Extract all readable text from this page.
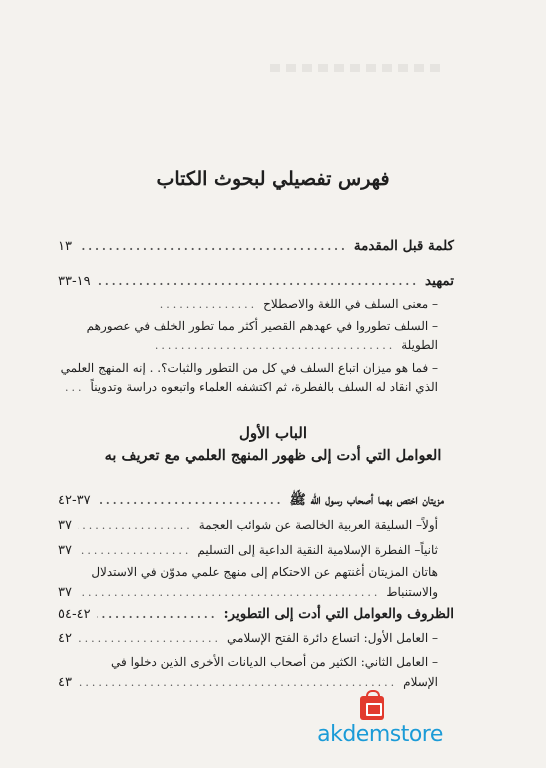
فهرس تفصيلي لبحوث الكتاب
كلمة قبل المقدمة
.....
١٣
تمهيد
.....
١٩-٣٣
– معنى السلف في اللغة والاصطلاح
.....
– السلف تطوروا في عهدهم القصير أكثر مما تطور الخلف في عصورهم
الطويلة
.....
– فما هو ميزان اتباع السلف في كل من التطور والثبات؟. . إنه المنهج العلمي
الذي انقاد له السلف بالفطرة، ثم اكتشفه العلماء واتبعوه دراسة وتدويناً
.....
الباب الأول
العوامل التي أدت إلى ظهور المنهج العلمي مع تعريف به
مزيتان اختص بهما أصحاب رسول الله ﷺ
.....
٣٧-٤٢
أولاً– السليقة العربية الخالصة عن شوائب العجمة
.....
٣٧
ثانياً– الفطرة الإسلامية النقية الداعية إلى التسليم
.....
٣٧
هاتان المزيتان أغنتهم عن الاحتكام إلى منهج علمي مدوّن في الاستدلال
والاستنباط
.....
٣٧
الظروف والعوامل التي أدت إلى التطوير:
.....
٤٢-٥٤
– العامل الأول: اتساع دائرة الفتح الإسلامي
.....
٤٢
– العامل الثاني: الكثير من أصحاب الديانات الأخرى الذين دخلوا في
الإسلام
.....
٤٣
akdemstore
